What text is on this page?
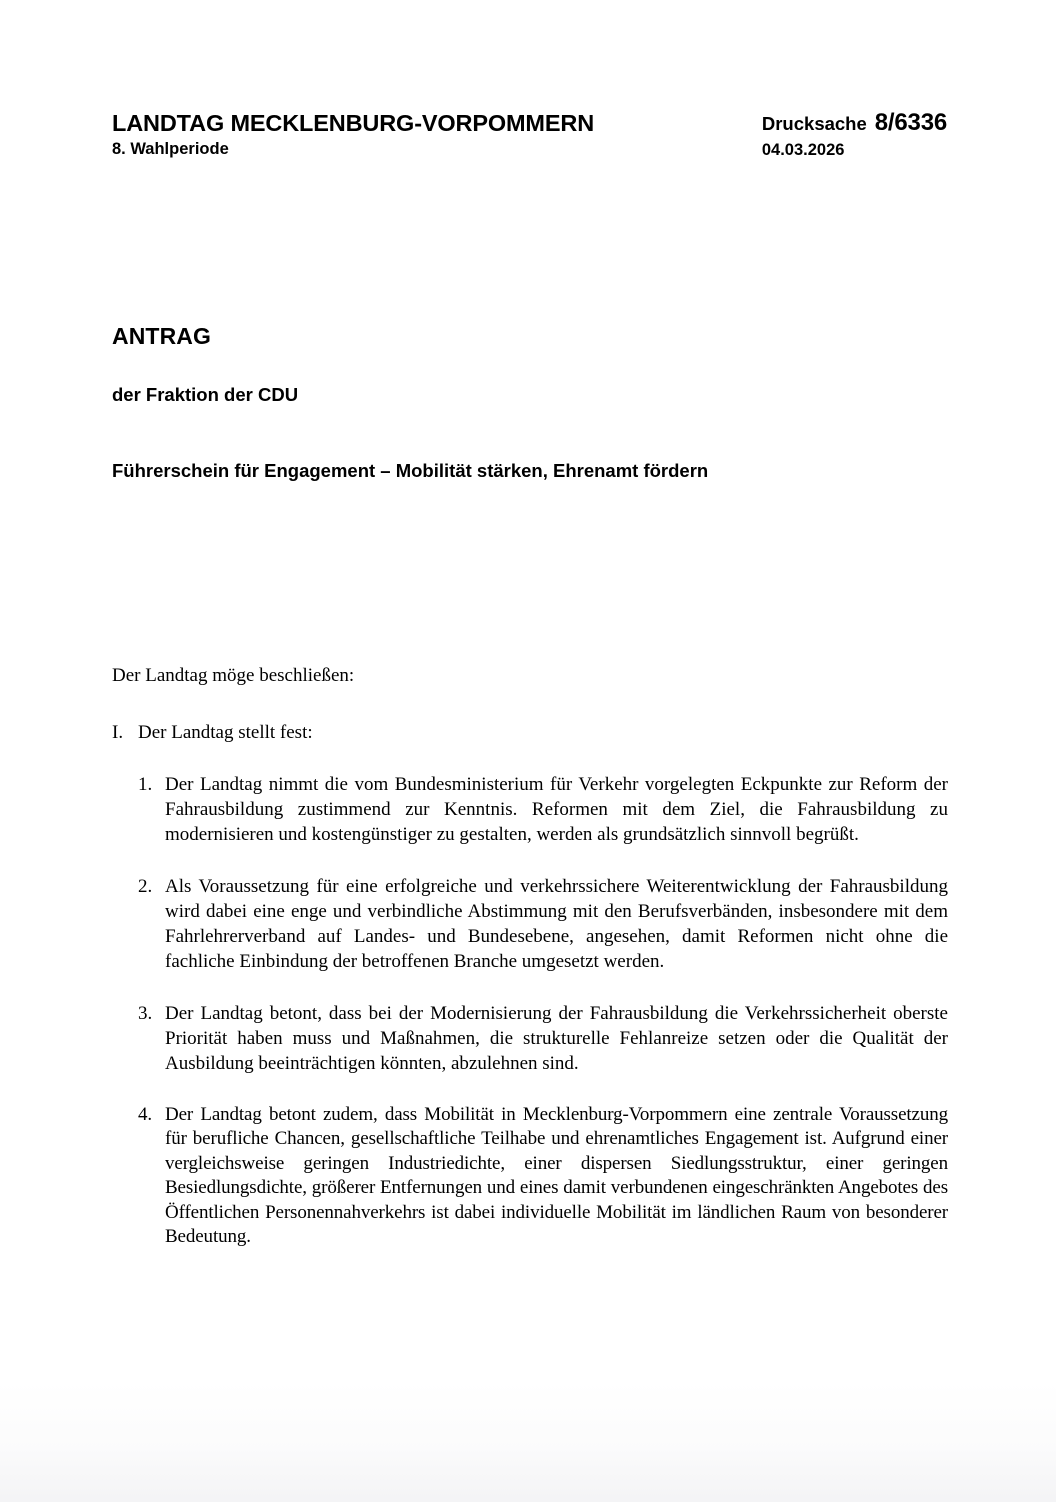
LANDTAG MECKLENBURG-VORPOMMERN
8. Wahlperiode
Drucksache 8/6336
04.03.2026
ANTRAG
der Fraktion der CDU
Führerschein für Engagement – Mobilität stärken, Ehrenamt fördern

Der Landtag möge beschließen:

I. Der Landtag stellt fest:
1. Der Landtag nimmt die vom Bundesministerium für Verkehr vorgelegten Eckpunkte zur Reform der Fahrausbildung zustimmend zur Kenntnis. Reformen mit dem Ziel, die Fahrausbildung zu modernisieren und kostengünstiger zu gestalten, werden als grundsätzlich sinnvoll begrüßt.
2. Als Voraussetzung für eine erfolgreiche und verkehrssichere Weiterentwicklung der Fahrausbildung wird dabei eine enge und verbindliche Abstimmung mit den Berufsverbänden, insbesondere mit dem Fahrlehrerverband auf Landes- und Bundesebene, angesehen, damit Reformen nicht ohne die fachliche Einbindung der betroffenen Branche umgesetzt werden.
3. Der Landtag betont, dass bei der Modernisierung der Fahrausbildung die Verkehrssicherheit oberste Priorität haben muss und Maßnahmen, die strukturelle Fehlanreize setzen oder die Qualität der Ausbildung beeinträchtigen könnten, abzulehnen sind.
4. Der Landtag betont zudem, dass Mobilität in Mecklenburg-Vorpommern eine zentrale Voraussetzung für berufliche Chancen, gesellschaftliche Teilhabe und ehrenamtliches Engagement ist. Aufgrund einer vergleichsweise geringen Industriedichte, einer dispersen Siedlungsstruktur, einer geringen Besiedlungsdichte, größerer Entfernungen und eines damit verbundenen eingeschränkten Angebotes des Öffentlichen Personennahverkehrs ist dabei individuelle Mobilität im ländlichen Raum von besonderer Bedeutung.
